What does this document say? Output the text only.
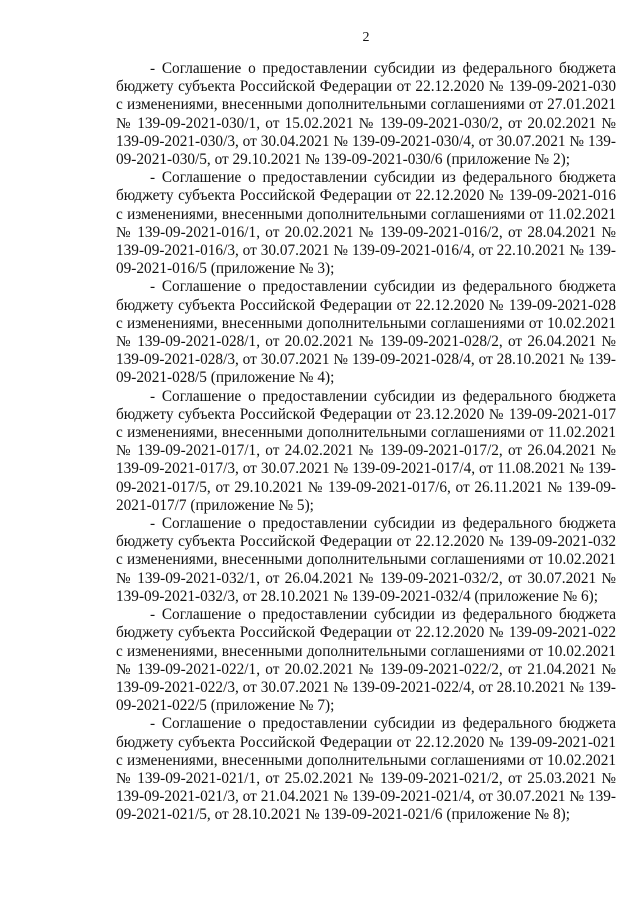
2

- Соглашение о предоставлении субсидии из федерального бюджета бюджету субъекта Российской Федерации от 22.12.2020 № 139-09-2021-030 с изменениями, внесенными дополнительными соглашениями от 27.01.2021 № 139-09-2021-030/1, от 15.02.2021 № 139-09-2021-030/2, от 20.02.2021 № 139-09-2021-030/3, от 30.04.2021 № 139-09-2021-030/4, от 30.07.2021 № 139-09-2021-030/5, от 29.10.2021 № 139-09-2021-030/6 (приложение № 2);

- Соглашение о предоставлении субсидии из федерального бюджета бюджету субъекта Российской Федерации от 22.12.2020 № 139-09-2021-016 с изменениями, внесенными дополнительными соглашениями от 11.02.2021 № 139-09-2021-016/1, от 20.02.2021 № 139-09-2021-016/2, от 28.04.2021 № 139-09-2021-016/3, от 30.07.2021 № 139-09-2021-016/4, от 22.10.2021 № 139-09-2021-016/5 (приложение № 3);

- Соглашение о предоставлении субсидии из федерального бюджета бюджету субъекта Российской Федерации от 22.12.2020 № 139-09-2021-028 с изменениями, внесенными дополнительными соглашениями от 10.02.2021 № 139-09-2021-028/1, от 20.02.2021 № 139-09-2021-028/2, от 26.04.2021 № 139-09-2021-028/3, от 30.07.2021 № 139-09-2021-028/4, от 28.10.2021 № 139-09-2021-028/5 (приложение № 4);

- Соглашение о предоставлении субсидии из федерального бюджета бюджету субъекта Российской Федерации от 23.12.2020 № 139-09-2021-017 с изменениями, внесенными дополнительными соглашениями от 11.02.2021 № 139-09-2021-017/1, от 24.02.2021 № 139-09-2021-017/2, от 26.04.2021 № 139-09-2021-017/3, от 30.07.2021 № 139-09-2021-017/4, от 11.08.2021 № 139-09-2021-017/5, от 29.10.2021 № 139-09-2021-017/6, от 26.11.2021 № 139-09-2021-017/7 (приложение № 5);

- Соглашение о предоставлении субсидии из федерального бюджета бюджету субъекта Российской Федерации от 22.12.2020 № 139-09-2021-032 с изменениями, внесенными дополнительными соглашениями от 10.02.2021 № 139-09-2021-032/1, от 26.04.2021 № 139-09-2021-032/2, от 30.07.2021 № 139-09-2021-032/3, от 28.10.2021 № 139-09-2021-032/4 (приложение № 6);

- Соглашение о предоставлении субсидии из федерального бюджета бюджету субъекта Российской Федерации от 22.12.2020 № 139-09-2021-022 с изменениями, внесенными дополнительными соглашениями от 10.02.2021 № 139-09-2021-022/1, от 20.02.2021 № 139-09-2021-022/2, от 21.04.2021 № 139-09-2021-022/3, от 30.07.2021 № 139-09-2021-022/4, от 28.10.2021 № 139-09-2021-022/5 (приложение № 7);

- Соглашение о предоставлении субсидии из федерального бюджета бюджету субъекта Российской Федерации от 22.12.2020 № 139-09-2021-021 с изменениями, внесенными дополнительными соглашениями от 10.02.2021 № 139-09-2021-021/1, от 25.02.2021 № 139-09-2021-021/2, от 25.03.2021 № 139-09-2021-021/3, от 21.04.2021 № 139-09-2021-021/4, от 30.07.2021 № 139-09-2021-021/5, от 28.10.2021 № 139-09-2021-021/6 (приложение № 8);
